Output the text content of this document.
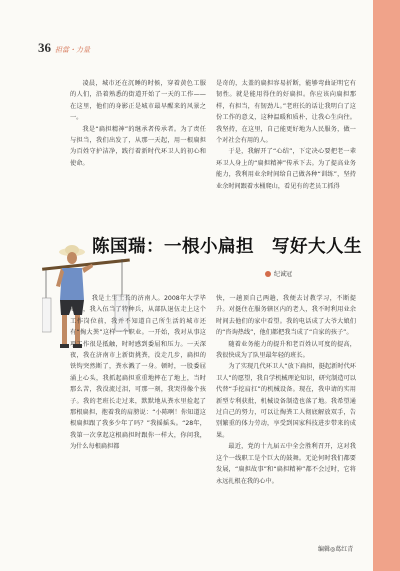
36 担當・力量

凌晨，城市还在沉睡的时候，穿着黄色工服的人们，沿着熟悉的街道开始了一天的工作——在这里，他们的身影正是城市最早醒来的风景之一。

我是“扁担精神”的继承者传承者。为了责任与担当，我们出发了，从那一天起，用一根扁担为百姓守护洁净，践行着新时代环卫人的初心和使命。

是奇的，太盖的扁担容易折断，能够弯曲证明它有韧性。就是能用得住的好扁担。你应该向扁担那样，有担当，有韧劲儿。”老班长的话让我明白了这份工作的意义，这种温暖和质朴，让我心生向往。我坚持，在这里，自己能更好地为人民服务，做一个对社会有用的人。

于是，我解开了“心结”，下定决心要把老一辈环卫人身上的“扁担精神”传承下去。为了提高业务能力，我利用业余时间给自己做各种“训练”，坚持业余时间跟着水桶爬山，看见有的老员工抓得

陈国瑞：一根小扁担　写好大人生
纪诚冠

我是土生土长的济南人。2008年大学毕业后，我入伍当了特种兵，从部队退伍走上这个工作岗位前，我并不知道自己所生活的城市还有“掏大粪”这样一个职业。一开始，我对从事这项工作很是抵触，时时感到委屈和压力。一天深夜，我在济南市上新街挑粪，没走几步，扁担的铁钩突然断了，粪水溅了一身。顿时，一股委屈涌上心头，我抓起扁担重重地摔在了地上，当时那么苦，我没流过泪，可那一刻，我哭得像个孩子。我的老班长走过来，默默地从粪水里捡起了那根扁担，抱着我的肩膀说：“小陈啊！你知道这根扁担跟了我多少年了吗？”我摇摇头。“28年，我第一次拿起这根扁担时跟你一样大，你问我，为什么每根扁担都

快，一趟顶自己两趟，我便去讨教学习，不断提升。对挺住在服务辖区内的老人，我不时利用业余时间去他们的家中看望。我的电话成了大爷大娘们的“咨询热线”，他们都把我当成了“自家的孩子”。

随着业务能力的提升和老百姓认可度的提高，我很快成为了队里最年轻的班长。

为了实现几代环卫人“放下扁担，挺起新时代环卫人”的愿望，我自学机械理论知识，研究制造可以代替“手挖肩扛”的机械设备。现在，我申请的实用新型专利获批，机械设备制造也落了地。我希望通过自己的努力，可以让掏粪工人彻底解放双手，告别繁重的体力劳动，享受到国家科技进步带来的成果。

最近，党的十九届五中全会胜利召开，这对我这个一线职工是个巨大的鼓舞。无论何时我们都要发展，“扁担故事”和“扁担精神”都不会过时，它将永远扎根在我的心中。

编辑◎葛红青
